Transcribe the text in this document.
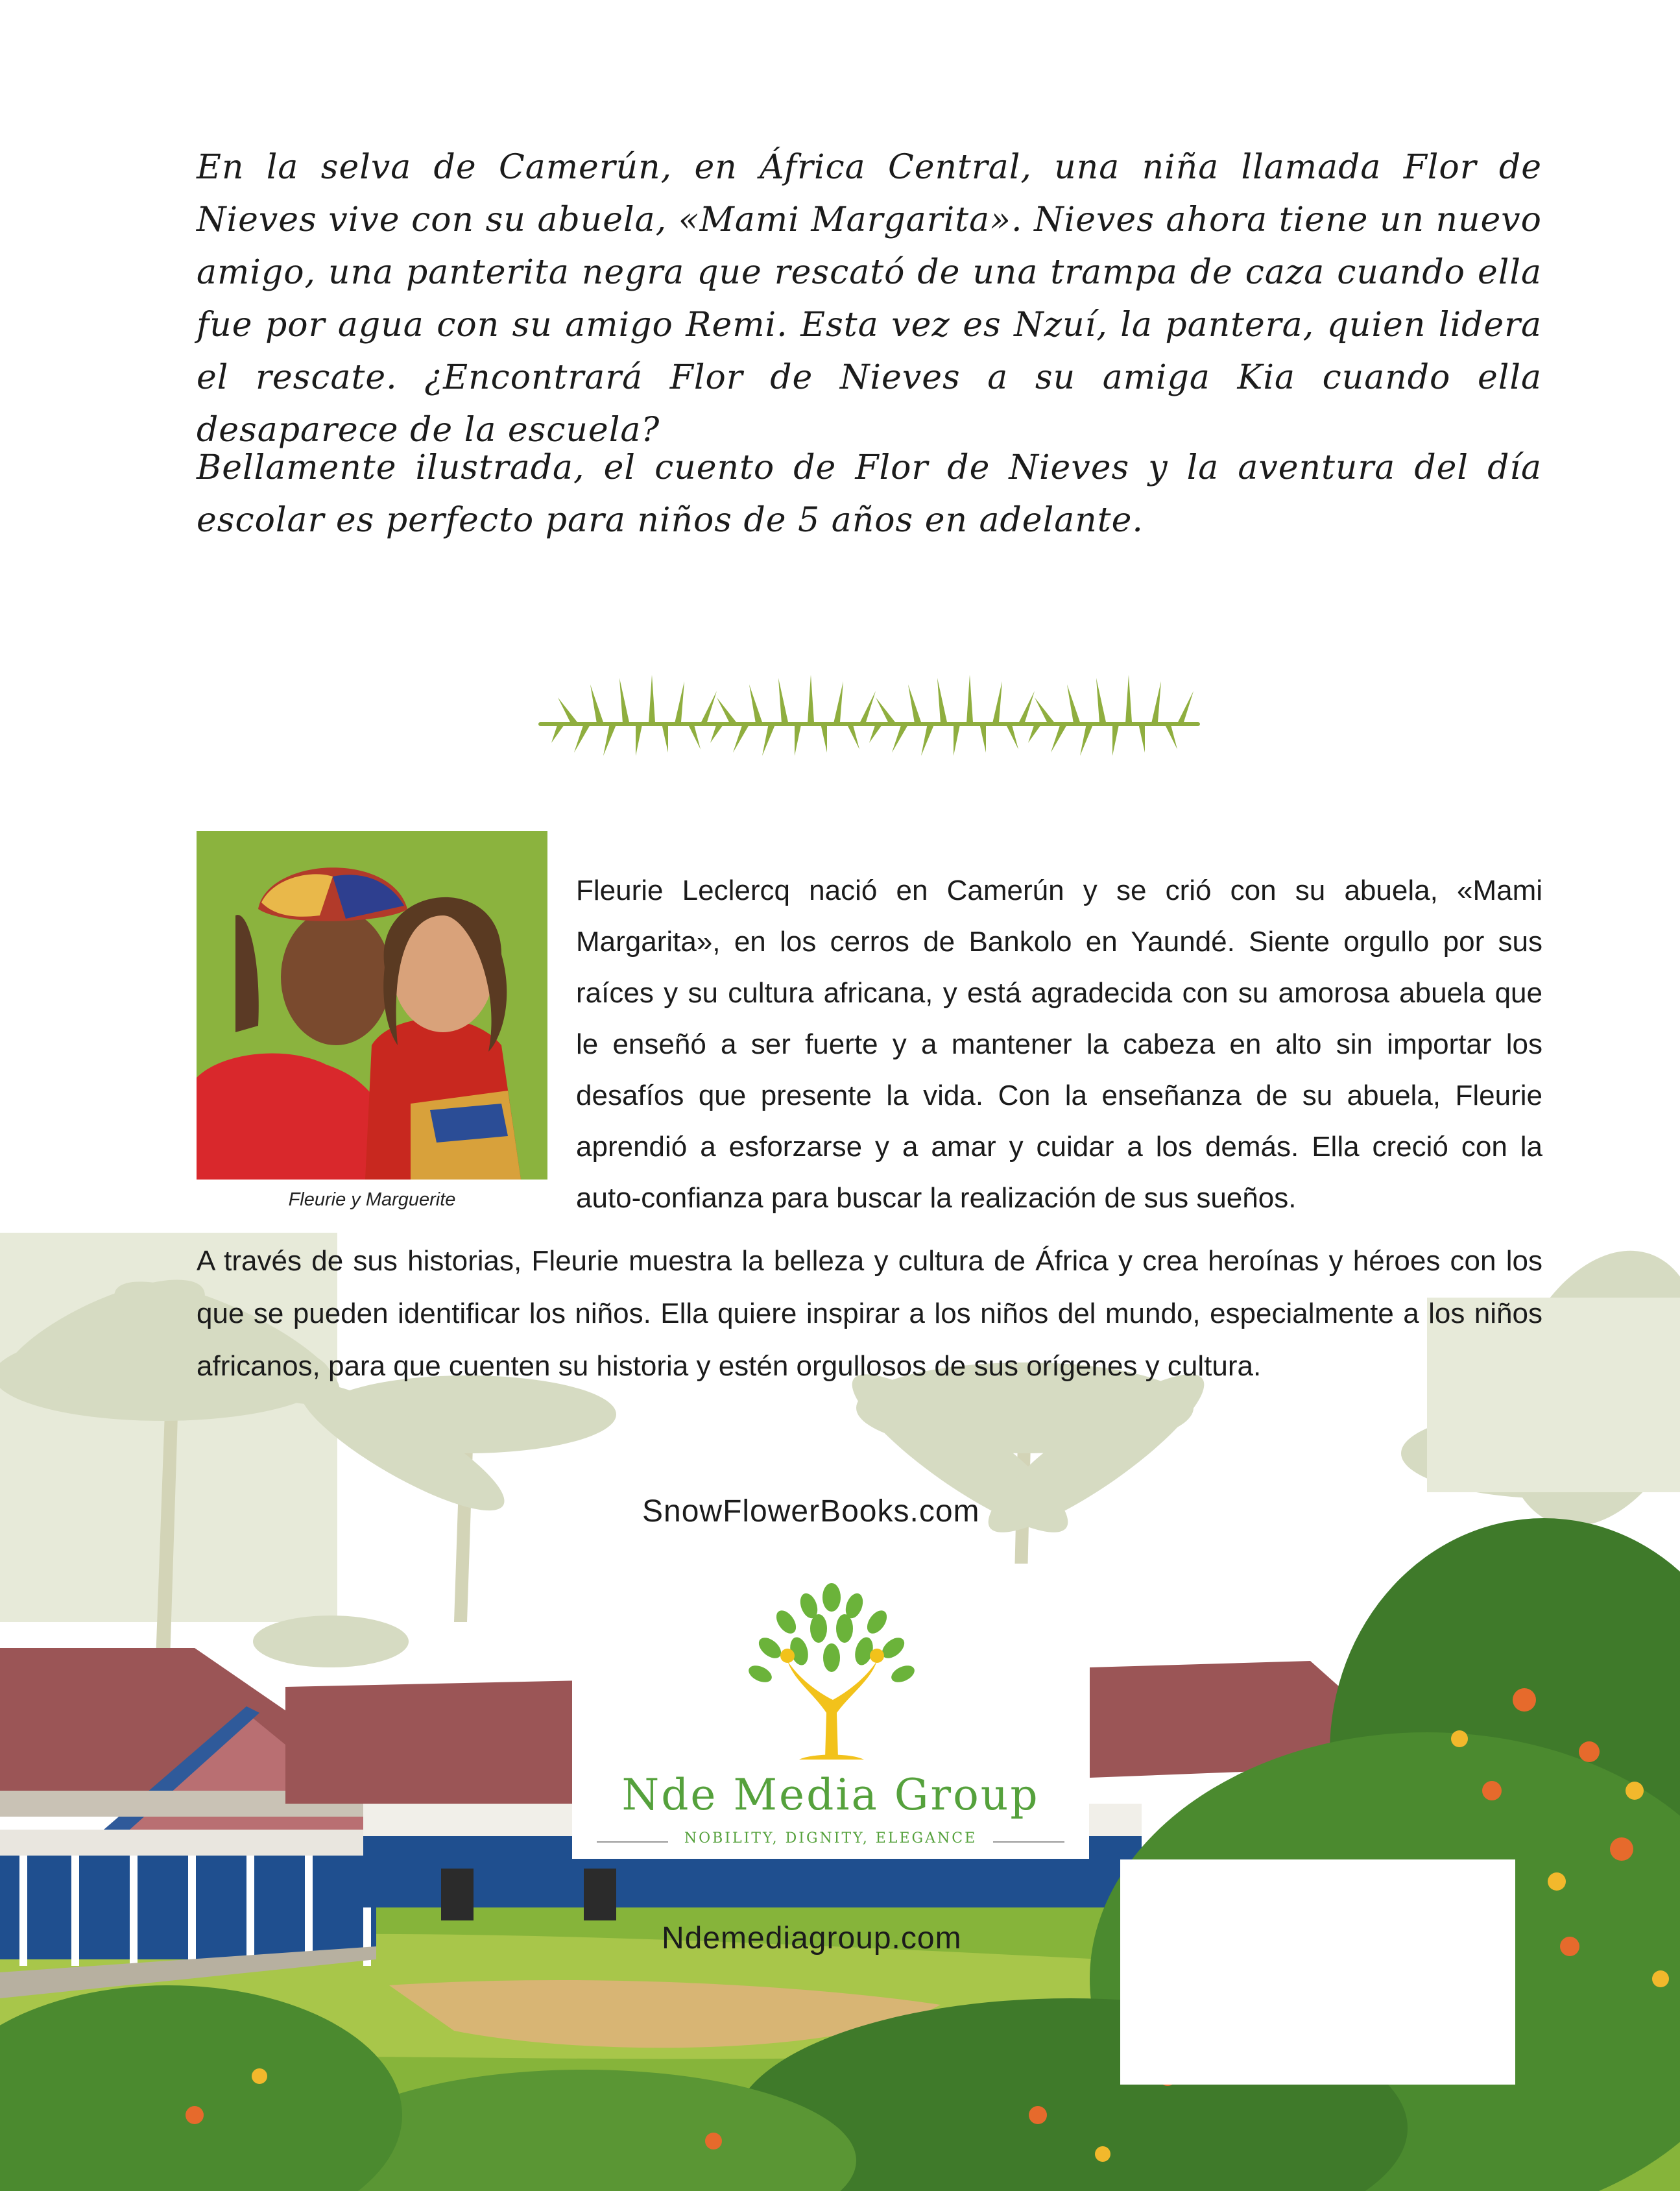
En la selva de Camerún, en África Central, una niña llamada Flor de Nieves vive con su abuela, «Mami Margarita». Nieves ahora tiene un nuevo amigo, una panterita negra que rescató de una trampa de caza cuando ella fue por agua con su amigo Remi. Esta vez es Nzuí, la pantera, quien lidera el rescate. ¿Encontrará Flor de Nieves a su amiga Kia cuando ella desaparece de la escuela?

Bellamente ilustrada, el cuento de Flor de Nieves y la aventura del día escolar es perfecto para niños de 5 años en adelante.

Fleurie y Marguerite

Fleurie Leclercq nació en Camerún y se crió con su abuela, «Mami Margarita», en los cerros de Bankolo en Yaundé. Siente orgullo por sus raíces y su cultura africana, y está agradecida con su amorosa abuela que le enseñó a ser fuerte y a mantener la cabeza en alto sin importar los desafíos que presente la vida. Con la enseñanza de su abuela, Fleurie aprendió a esforzarse y a amar y cuidar a los demás. Ella creció con la auto-confianza para buscar la realización de sus sueños.

A través de sus historias, Fleurie muestra la belleza y cultura de África y crea heroínas y héroes con los que se pueden identificar los niños. Ella quiere inspirar a los niños del mundo, especialmente a los niños africanos, para que cuenten su historia y estén orgullosos de sus orígenes y cultura.

SnowFlowerBooks.com
Nde Media Group
NOBILITY, DIGNITY, ELEGANCE
Ndemediagroup.com
